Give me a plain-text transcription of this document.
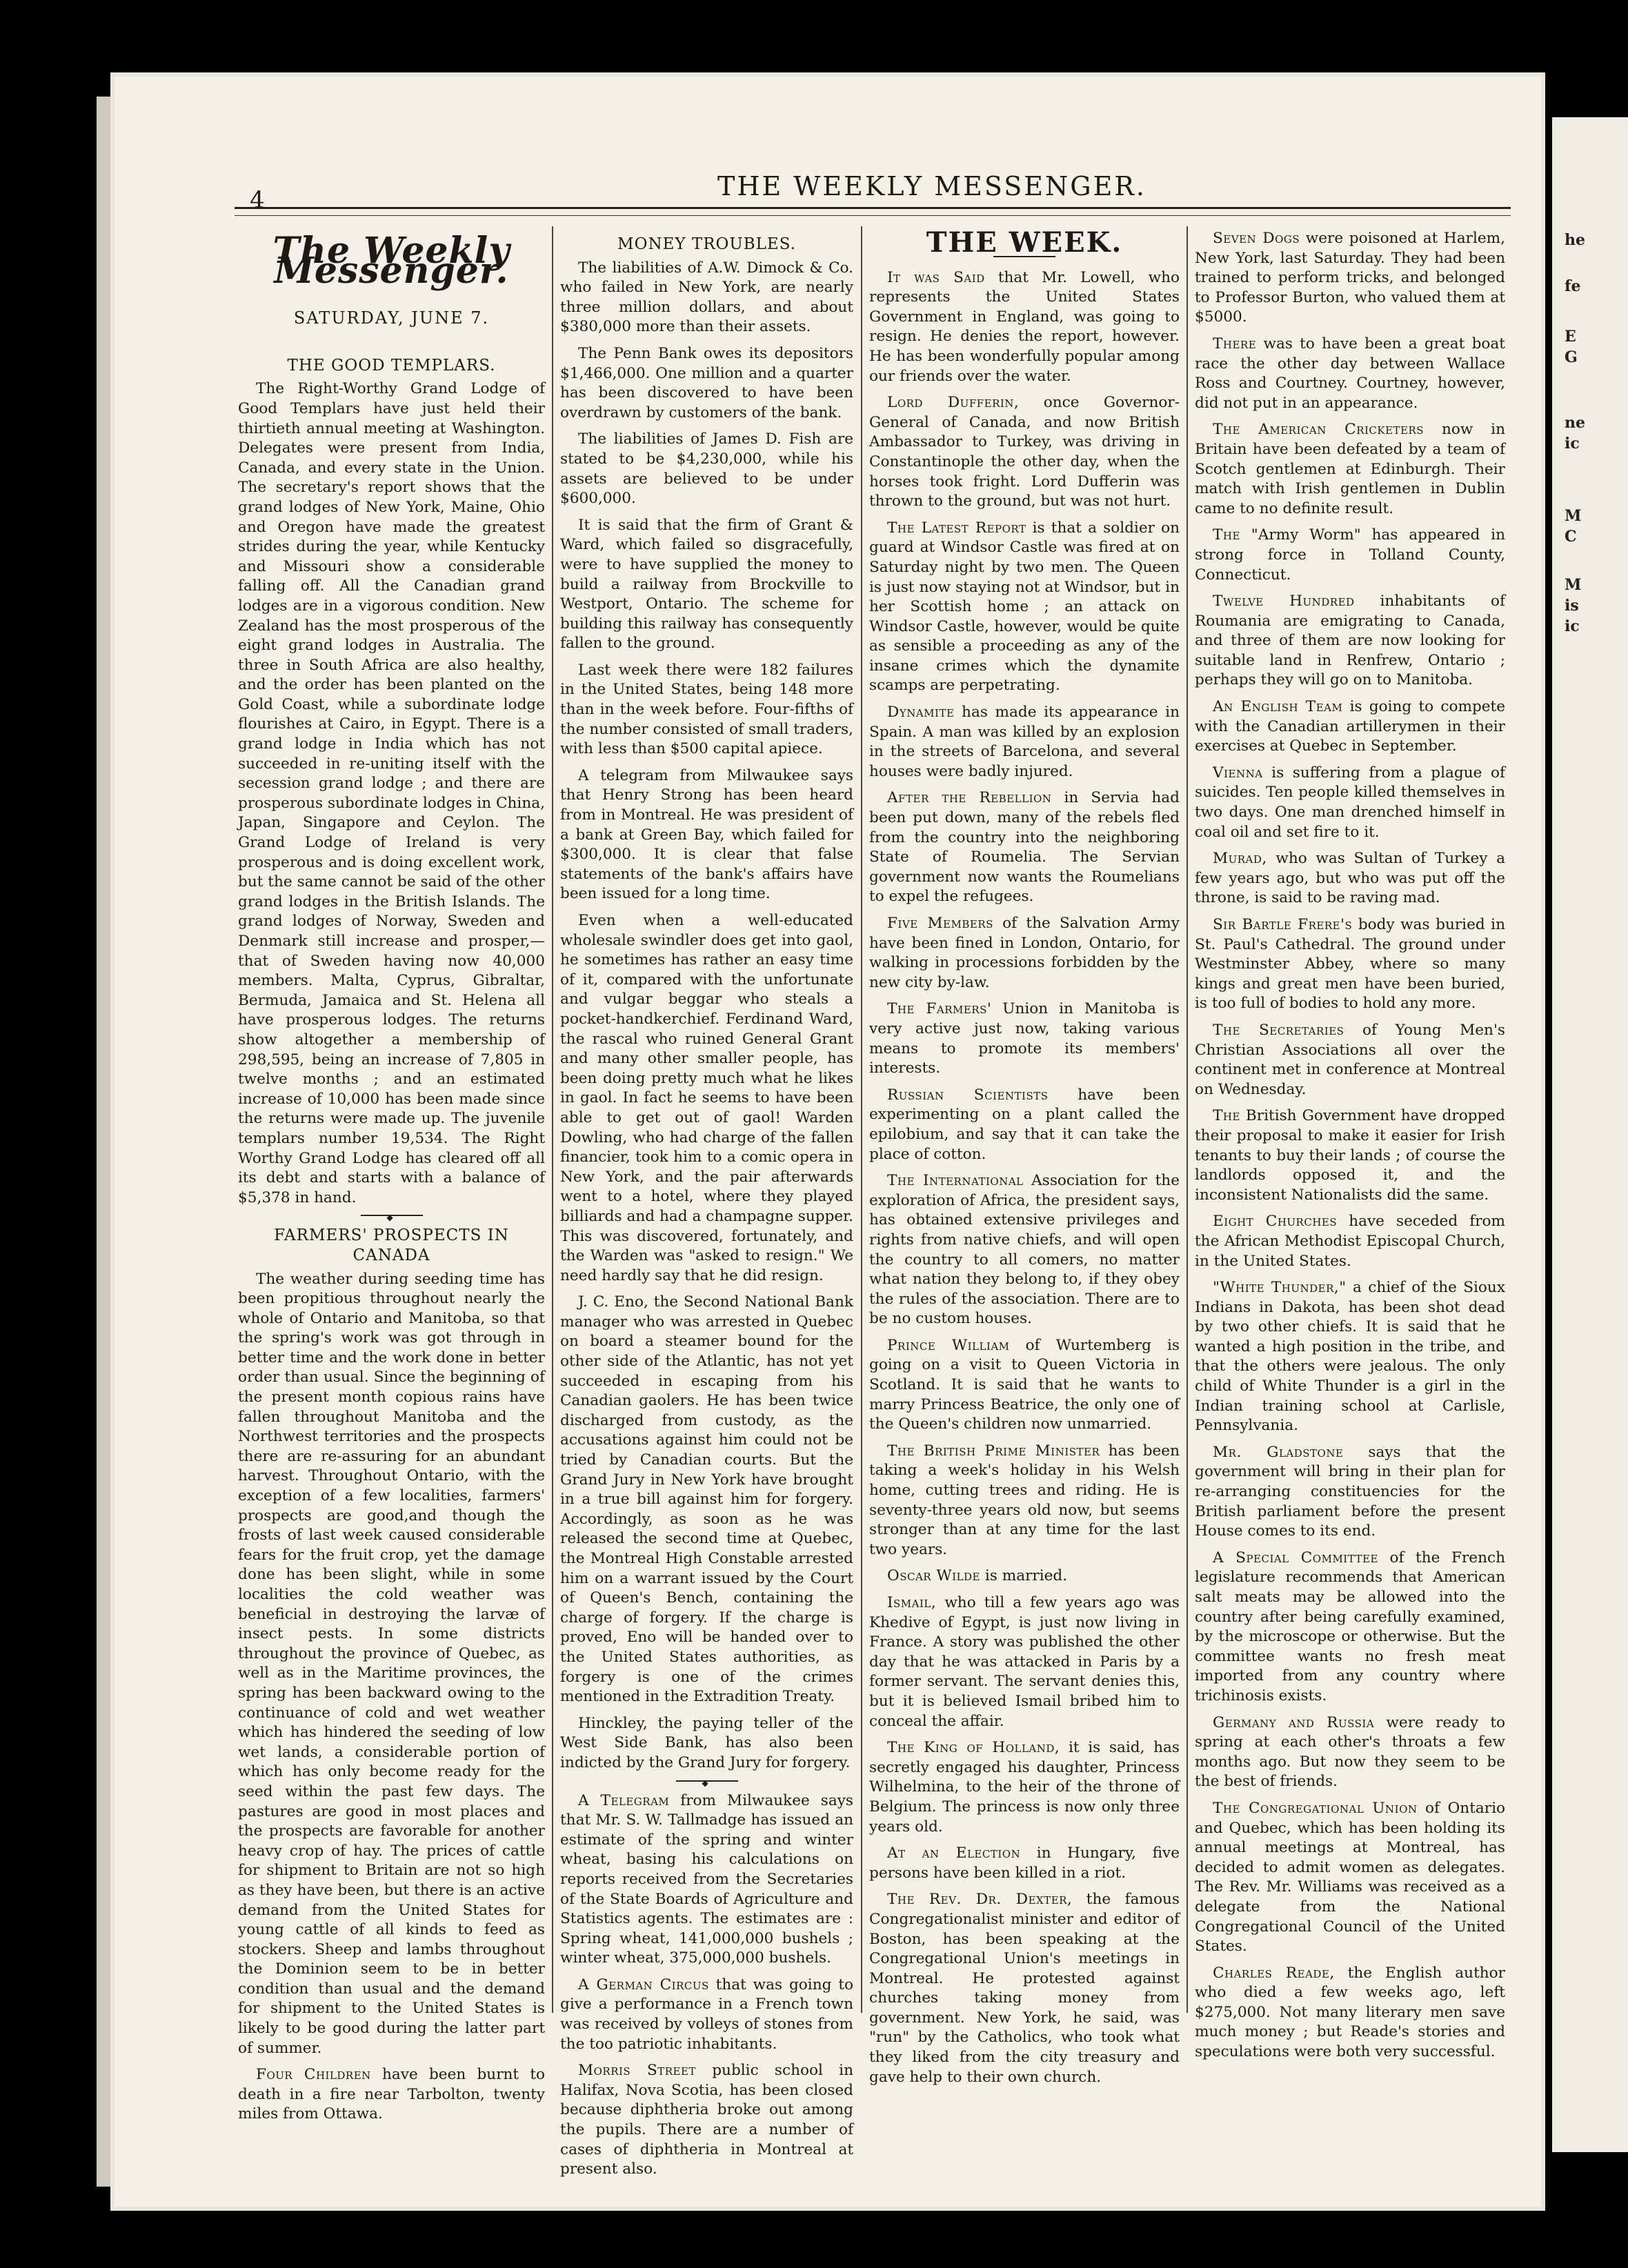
he
fe
E
G
ne
ic
M
C
M
is
ic
4	THE WEEKLY MESSENGER.
The Weekly Messenger.
SATURDAY, JUNE 7.
THE GOOD TEMPLARS.

The Right-Worthy Grand Lodge of Good Templars have just held their thirtieth annual meeting at Washington. Delegates were present from India, Canada, and every state in the Union. The secretary's report shows that the grand lodges of New York, Maine, Ohio and Oregon have made the greatest strides during the year, while Kentucky and Missouri show a considerable falling off. All the Canadian grand lodges are in a vigorous condition. New Zealand has the most prosperous of the eight grand lodges in Australia. The three in South Africa are also healthy, and the order has been planted on the Gold Coast, while a subordinate lodge flourishes at Cairo, in Egypt. There is a grand lodge in India which has not succeeded in re-uniting itself with the secession grand lodge ; and there are prosperous subordinate lodges in China, Japan, Singapore and Ceylon. The Grand Lodge of Ireland is very prosperous and is doing excellent work, but the same cannot be said of the other grand lodges in the British Islands. The grand lodges of Norway, Sweden and Denmark still increase and prosper,—that of Sweden having now 40,000 members. Malta, Cyprus, Gibraltar, Bermuda, Jamaica and St. Helena all have prosperous lodges. The returns show altogether a membership of 298,595, being an increase of 7,805 in twelve months ; and an estimated increase of 10,000 has been made since the returns were made up. The juvenile templars number 19,534. The Right Worthy Grand Lodge has cleared off all its debt and starts with a balance of $5,378 in hand.

◆
FARMERS' PROSPECTS IN CANADA

The weather during seeding time has been propitious throughout nearly the whole of Ontario and Manitoba, so that the spring's work was got through in better time and the work done in better order than usual. Since the beginning of the present month copious rains have fallen throughout Manitoba and the Northwest territories and the prospects there are re-assuring for an abundant harvest. Throughout Ontario, with the exception of a few localities, farmers' prospects are good,and though the frosts of last week caused considerable fears for the fruit crop, yet the damage done has been slight, while in some localities the cold weather was beneficial in destroying the larvæ of insect pests. In some districts throughout the province of Quebec, as well as in the Maritime provinces, the spring has been backward owing to the continuance of cold and wet weather which has hindered the seeding of low wet lands, a considerable portion of which has only become ready for the seed within the past few days. The pastures are good in most places and the prospects are favorable for another heavy crop of hay. The prices of cattle for shipment to Britain are not so high as they have been, but there is an active demand from the United States for young cattle of all kinds to feed as stockers. Sheep and lambs throughout the Dominion seem to be in better condition than usual and the demand for shipment to the United States is likely to be good during the latter part of summer.

Four Children have been burnt to death in a fire near Tarbolton, twenty miles from Ottawa.

MONEY TROUBLES.

The liabilities of A.W. Dimock & Co. who failed in New York, are nearly three million dollars, and about $380,000 more than their assets.

The Penn Bank owes its depositors $1,466,000. One million and a quarter has been discovered to have been overdrawn by customers of the bank.

The liabilities of James D. Fish are stated to be $4,230,000, while his assets are believed to be under $600,000.

It is said that the firm of Grant & Ward, which failed so disgracefully, were to have supplied the money to build a railway from Brockville to Westport, Ontario. The scheme for building this railway has consequently fallen to the ground.

Last week there were 182 failures in the United States, being 148 more than in the week before. Four-fifths of the number consisted of small traders, with less than $500 capital apiece.

A telegram from Milwaukee says that Henry Strong has been heard from in Montreal. He was president of a bank at Green Bay, which failed for $300,000. It is clear that false statements of the bank's affairs have been issued for a long time.

Even when a well-educated wholesale swindler does get into gaol, he sometimes has rather an easy time of it, compared with the unfortunate and vulgar beggar who steals a pocket-handkerchief. Ferdinand Ward, the rascal who ruined General Grant and many other smaller people, has been doing pretty much what he likes in gaol. In fact he seems to have been able to get out of gaol! Warden Dowling, who had charge of the fallen financier, took him to a comic opera in New York, and the pair afterwards went to a hotel, where they played billiards and had a champagne supper. This was discovered, fortunately, and the Warden was "asked to resign." We need hardly say that he did resign.

J. C. Eno, the Second National Bank manager who was arrested in Quebec on board a steamer bound for the other side of the Atlantic, has not yet succeeded in escaping from his Canadian gaolers. He has been twice discharged from custody, as the accusations against him could not be tried by Canadian courts. But the Grand Jury in New York have brought in a true bill against him for forgery. Accordingly, as soon as he was released the second time at Quebec, the Montreal High Constable arrested him on a warrant issued by the Court of Queen's Bench, containing the charge of forgery. If the charge is proved, Eno will be handed over to the United States authorities, as forgery is one of the crimes mentioned in the Extradition Treaty.

Hinckley, the paying teller of the West Side Bank, has also been indicted by the Grand Jury for forgery.

◆

A Telegram from Milwaukee says that Mr. S. W. Tallmadge has issued an estimate of the spring and winter wheat, basing his calculations on reports received from the Secretaries of the State Boards of Agriculture and Statistics agents. The estimates are : Spring wheat, 141,000,000 bushels ; winter wheat, 375,000,000 bushels.

A German Circus that was going to give a performance in a French town was received by volleys of stones from the too patriotic inhabitants.

Morris Street public school in Halifax, Nova Scotia, has been closed because diphtheria broke out among the pupils. There are a number of cases of diphtheria in Montreal at present also.

THE WEEK.

It was Said that Mr. Lowell, who represents the United States Government in England, was going to resign. He denies the report, however. He has been wonderfully popular among our friends over the water.

Lord Dufferin, once Governor-General of Canada, and now British Ambassador to Turkey, was driving in Constantinople the other day, when the horses took fright. Lord Dufferin was thrown to the ground, but was not hurt.

The Latest Report is that a soldier on guard at Windsor Castle was fired at on Saturday night by two men. The Queen is just now staying not at Windsor, but in her Scottish home ; an attack on Windsor Castle, however, would be quite as sensible a proceeding as any of the insane crimes which the dynamite scamps are perpetrating.

Dynamite has made its appearance in Spain. A man was killed by an explosion in the streets of Barcelona, and several houses were badly injured.

After the Rebellion in Servia had been put down, many of the rebels fled from the country into the neighboring State of Roumelia. The Servian government now wants the Roumelians to expel the refugees.

Five Members of the Salvation Army have been fined in London, Ontario, for walking in processions forbidden by the new city by-law.

The Farmers' Union in Manitoba is very active just now, taking various means to promote its members' interests.

Russian Scientists have been experimenting on a plant called the epilobium, and say that it can take the place of cotton.

The International Association for the exploration of Africa, the president says, has obtained extensive privileges and rights from native chiefs, and will open the country to all comers, no matter what nation they belong to, if they obey the rules of the association. There are to be no custom houses.

Prince William of Wurtemberg is going on a visit to Queen Victoria in Scotland. It is said that he wants to marry Princess Beatrice, the only one of the Queen's children now unmarried.

The British Prime Minister has been taking a week's holiday in his Welsh home, cutting trees and riding. He is seventy-three years old now, but seems stronger than at any time for the last two years.

Oscar Wilde is married.

Ismail, who till a few years ago was Khedive of Egypt, is just now living in France. A story was published the other day that he was attacked in Paris by a former servant. The servant denies this, but it is believed Ismail bribed him to conceal the affair.

The King of Holland, it is said, has secretly engaged his daughter, Princess Wilhelmina, to the heir of the throne of Belgium. The princess is now only three years old.

At an Election in Hungary, five persons have been killed in a riot.

The Rev. Dr. Dexter, the famous Congregationalist minister and editor of Boston, has been speaking at the Congregational Union's meetings in Montreal. He protested against churches taking money from government. New York, he said, was "run" by the Catholics, who took what they liked from the city treasury and gave help to their own church.

Seven Dogs were poisoned at Harlem, New York, last Saturday. They had been trained to perform tricks, and belonged to Professor Burton, who valued them at $5000.

There was to have been a great boat race the other day between Wallace Ross and Courtney. Courtney, however, did not put in an appearance.

The American Cricketers now in Britain have been defeated by a team of Scotch gentlemen at Edinburgh. Their match with Irish gentlemen in Dublin came to no definite result.

The "Army Worm" has appeared in strong force in Tolland County, Connecticut.

Twelve Hundred inhabitants of Roumania are emigrating to Canada, and three of them are now looking for suitable land in Renfrew, Ontario ; perhaps they will go on to Manitoba.

An English Team is going to compete with the Canadian artillerymen in their exercises at Quebec in September.

Vienna is suffering from a plague of suicides. Ten people killed themselves in two days. One man drenched himself in coal oil and set fire to it.

Murad, who was Sultan of Turkey a few years ago, but who was put off the throne, is said to be raving mad.

Sir Bartle Frere's body was buried in St. Paul's Cathedral. The ground under Westminster Abbey, where so many kings and great men have been buried, is too full of bodies to hold any more.

The Secretaries of Young Men's Christian Associations all over the continent met in conference at Montreal on Wednesday.

The British Government have dropped their proposal to make it easier for Irish tenants to buy their lands ; of course the landlords opposed it, and the inconsistent Nationalists did the same.

Eight Churches have seceded from the African Methodist Episcopal Church, in the United States.

"White Thunder," a chief of the Sioux Indians in Dakota, has been shot dead by two other chiefs. It is said that he wanted a high position in the tribe, and that the others were jealous. The only child of White Thunder is a girl in the Indian training school at Carlisle, Pennsylvania.

Mr. Gladstone says that the government will bring in their plan for re-arranging constituencies for the British parliament before the present House comes to its end.

A Special Committee of the French legislature recommends that American salt meats may be allowed into the country after being carefully examined, by the microscope or otherwise. But the committee wants no fresh meat imported from any country where trichinosis exists.

Germany and Russia were ready to spring at each other's throats a few months ago. But now they seem to be the best of friends.

The Congregational Union of Ontario and Quebec, which has been holding its annual meetings at Montreal, has decided to admit women as delegates. The Rev. Mr. Williams was received as a delegate from the National Congregational Council of the United States.

Charles Reade, the English author who died a few weeks ago, left $275,000. Not many literary men save much money ; but Reade's stories and speculations were both very successful.
